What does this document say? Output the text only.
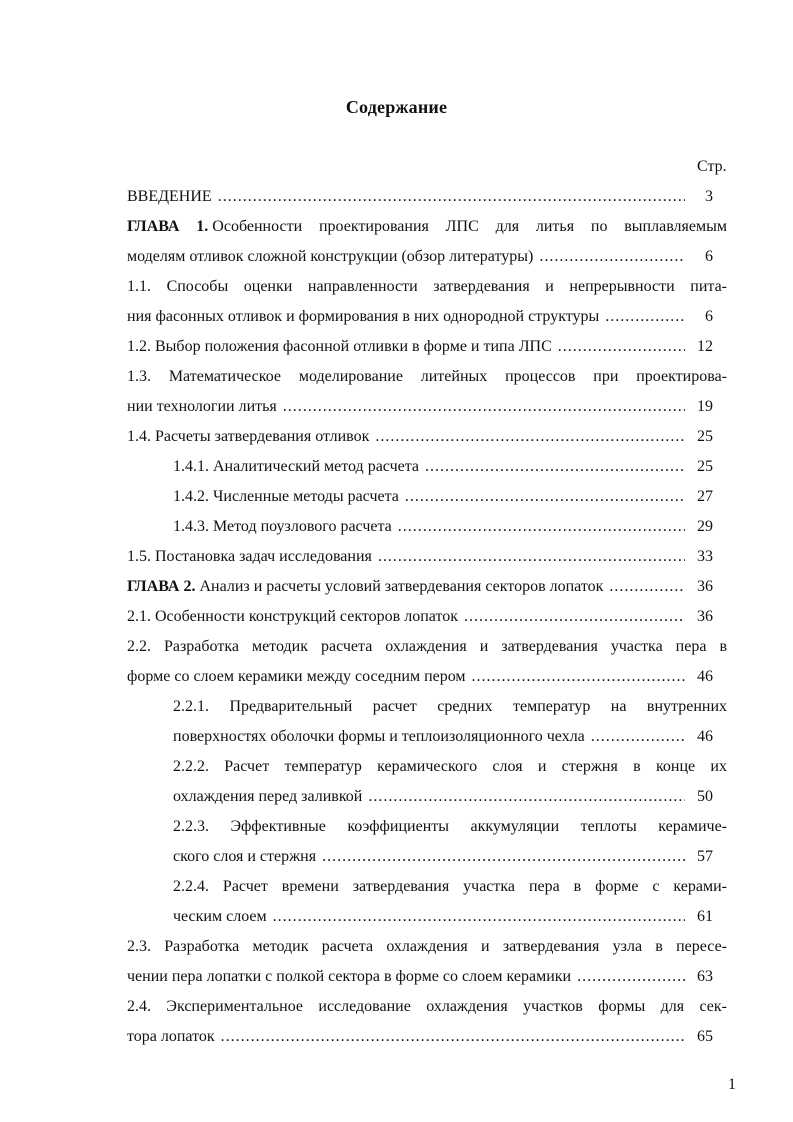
Содержание
Стр.
ВВЕДЕНИЕ .....	3
ГЛАВА 1. Особенности проектирования ЛПС для литья по выплавляемым
моделям отливок сложной конструкции (обзор литературы) .....	6
1.1. Способы оценки направленности затвердевания и непрерывности пита-
ния фасонных отливок и формирования в них однородной структуры .....	6
1.2. Выбор положения фасонной отливки в форме и типа ЛПС .....	12
1.3. Математическое моделирование литейных процессов при проектирова-
нии технологии литья .....	19
1.4. Расчеты затвердевания отливок .....	25
1.4.1. Аналитический метод расчета .....	25
1.4.2. Численные методы расчета .....	27
1.4.3. Метод поузлового расчета .....	29
1.5. Постановка задач исследования .....	33
ГЛАВА 2. Анализ и расчеты условий затвердевания секторов лопаток .....	36
2.1. Особенности конструкций секторов лопаток .....	36
2.2. Разработка методик расчета охлаждения и затвердевания участка пера в
форме со слоем керамики между соседним пером .....	46
2.2.1. Предварительный расчет средних температур на внутренних
поверхностях оболочки формы и теплоизоляционного чехла .....	46
2.2.2. Расчет температур керамического слоя и стержня в конце их
охлаждения перед заливкой .....	50
2.2.3. Эффективные коэффициенты аккумуляции теплоты керамиче-
ского слоя и стержня .....	57
2.2.4. Расчет времени затвердевания участка пера в форме с керами-
ческим слоем .....	61
2.3. Разработка методик расчета охлаждения и затвердевания узла в пересе-
чении пера лопатки с полкой сектора в форме со слоем керамики .....	63
2.4. Экспериментальное исследование охлаждения участков формы для сек-
тора лопаток .....	65
1
